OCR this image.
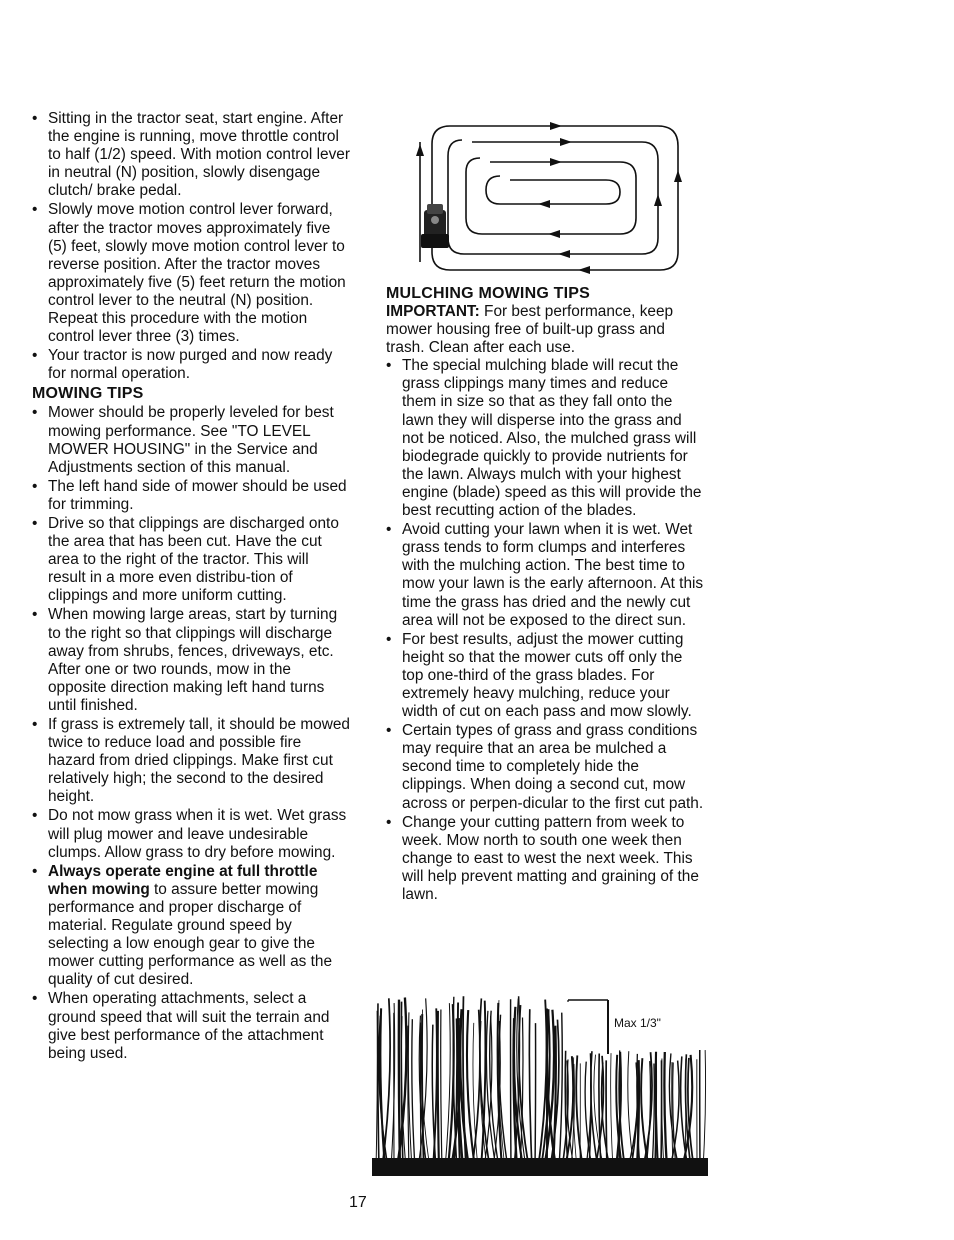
• Sitting in the tractor seat, start engine. After the engine is running, move throttle control to half (1/2) speed. With motion control lever in neutral (N) position, slowly disengage clutch/ brake pedal.
• Slowly move motion control lever forward, after the tractor moves approximately five (5) feet, slowly move motion control lever to reverse position. After the tractor moves approximately five (5) feet return the motion control lever to the neutral (N) position. Repeat this procedure with the motion control lever three (3) times.
• Your tractor is now purged and now ready for normal operation.
MOWING TIPS
• Mower should be properly leveled for best mowing performance. See "TO LEVEL MOWER HOUSING" in the Service and Adjustments section of this manual.
• The left hand side of mower should be used for trimming.
• Drive so that clippings are discharged onto the area that has been cut. Have the cut area to the right of the tractor. This will result in a more even distribu-tion of clippings and more uniform cutting.
• When mowing large areas, start by turning to the right so that clippings will discharge away from shrubs, fences, driveways, etc. After one or two rounds, mow in the opposite direction making left hand turns until finished.
• If grass is extremely tall, it should be mowed twice to reduce load and possible fire hazard from dried clippings. Make first cut relatively high; the second to the desired height.
• Do not mow grass when it is wet. Wet grass will plug mower and leave undesirable clumps. Allow grass to dry before mowing.
• Always operate engine at full throttle when mowing to assure better mowing performance and proper discharge of material. Regulate ground speed by selecting a low enough gear to give the mower cutting performance as well as the quality of cut desired.
• When operating attachments, select a ground speed that will suit the terrain and give best performance of the attachment being used.
MULCHING MOWING TIPS

IMPORTANT: For best performance, keep mower housing free of built-up grass and trash. Clean after each use.

• The special mulching blade will recut the grass clippings many times and reduce them in size so that as they fall onto the lawn they will disperse into the grass and not be noticed. Also, the mulched grass will biodegrade quickly to provide nutrients for the lawn. Always mulch with your highest engine (blade) speed as this will provide the best recutting action of the blades.
• Avoid cutting your lawn when it is wet. Wet grass tends to form clumps and interferes with the mulching action. The best time to mow your lawn is the early afternoon. At this time the grass has dried and the newly cut area will not be exposed to the direct sun.
• For best results, adjust the mower cutting height so that the mower cuts off only the top one-third of the grass blades. For extremely heavy mulching, reduce your width of cut on each pass and mow slowly.
• Certain types of grass and grass conditions may require that an area be mulched a second time to completely hide the clippings. When doing a second cut, mow across or perpen-dicular to the first cut path.
• Change your cutting pattern from week to week. Mow north to south one week then change to east to west the next week. This will help prevent matting and graining of the lawn.
Max 1/3"
17
